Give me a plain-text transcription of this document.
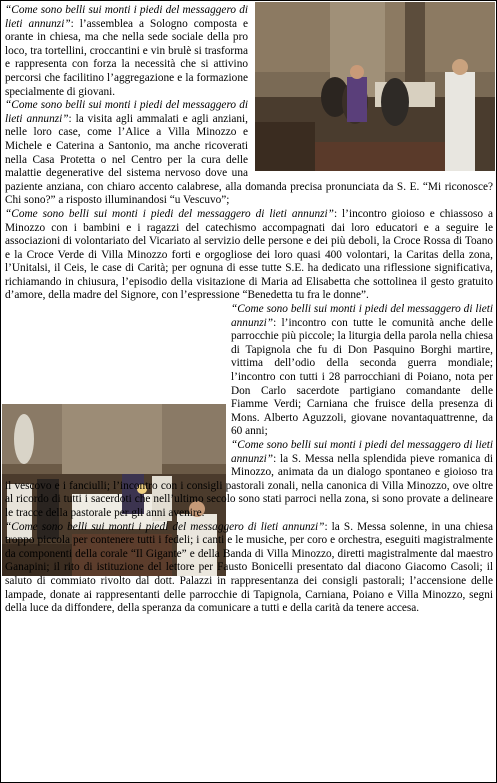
“Come sono belli sui monti i piedi del messaggero di lieti annunzi”: l’assemblea a Sologno composta e orante in chiesa, ma che nella sede sociale della pro loco, tra tortellini, croccantini e vin brulè si trasforma e rappresenta con forza la necessità che si attivino percorsi che facilitino l’aggregazione e la formazione specialmente di giovani.

“Come sono belli sui monti i piedi del messaggero di lieti annunzi”: la visita agli ammalati e agli anziani, nelle loro case, come l’Alice a Villa Minozzo e Michele e Caterina a Santonio, ma anche ricoverati nella Casa Protetta o nel Centro per la cura delle malattie degenerative del sistema nervoso dove una paziente anziana, con chiaro accento calabrese, alla domanda precisa pronunciata da S. E. “Mi riconosce? Chi sono?” a risposto illuminandosi “u Vescuvo”;

“Come sono belli sui monti i piedi del messaggero di lieti annunzi”: l’incontro gioioso e chiassoso a Minozzo con i bambini e i ragazzi del catechismo accompagnati dai loro educatori e a seguire le associazioni di volontariato del Vicariato al servizio delle persone e dei più deboli, la Croce Rossa di Toano e la Croce Verde di Villa Minozzo forti e orgogliose dei loro quasi 400 volontari, la Caritas della zona, l’Unitalsi, il Ceis, le case di Carità; per ognuna di esse tutte S.E. ha dedicato una riflessione significativa, richiamando in chiusura, l’episodio della visitazione di Maria ad Elisabetta che sottolinea il gesto gratuito d’amore, della madre del Signore, con l’espressione “Benedetta tu fra le donne”.

“Come sono belli sui monti i piedi del messaggero di lieti annunzi”: l’incontro con tutte le comunità anche delle parrocchie più piccole; la liturgia della parola nella chiesa di Tapignola che fu di Don Pasquino Borghi martire, vittima dell’odio della seconda guerra mondiale; l’incontro con tutti i 28 parrocchiani di Poiano, nota per Don Carlo sacerdote partigiano comandante delle Fiamme Verdi; Carniana che fruisce della presenza di Mons. Alberto Aguzzoli, giovane novantaquattrenne, da 60 anni;

“Come sono belli sui monti i piedi del messaggero di lieti annunzi”: la S. Messa nella splendida pieve romanica di Minozzo, animata da un dialogo spontaneo e gioioso tra il vescovo e i fanciulli; l’incontro con i consigli pastorali zonali, nella canonica di Villa Minozzo, ove oltre al ricordo di tutti i sacerdoti che nell’ultimo secolo sono stati parroci nella zona, si sono provate a delineare le tracce della pastorale per gli anni avenire.

“Come sono belli sui monti i piedi del messaggero di lieti annunzi”: la S. Messa solenne, in una chiesa troppo piccola per contenere tutti i fedeli; i canti e le musiche, per coro e orchestra, eseguiti magistralmente da componenti della corale “Il Gigante” e della Banda di Villa Minozzo, diretti magistralmente dal maestro Ganapini; il rito di istituzione del lettore per Fausto Bonicelli presentato dal diacono Giacomo Casoli; il saluto di commiato rivolto dal dott. Palazzi in rappresentanza dei consigli pastorali; l’accensione delle lampade, donate ai rappresentanti delle parrocchie di Tapignola, Carniana, Poiano e Villa Minozzo, segni della luce da diffondere, della speranza da comunicare a tutti e della carità da tenere accesa.
